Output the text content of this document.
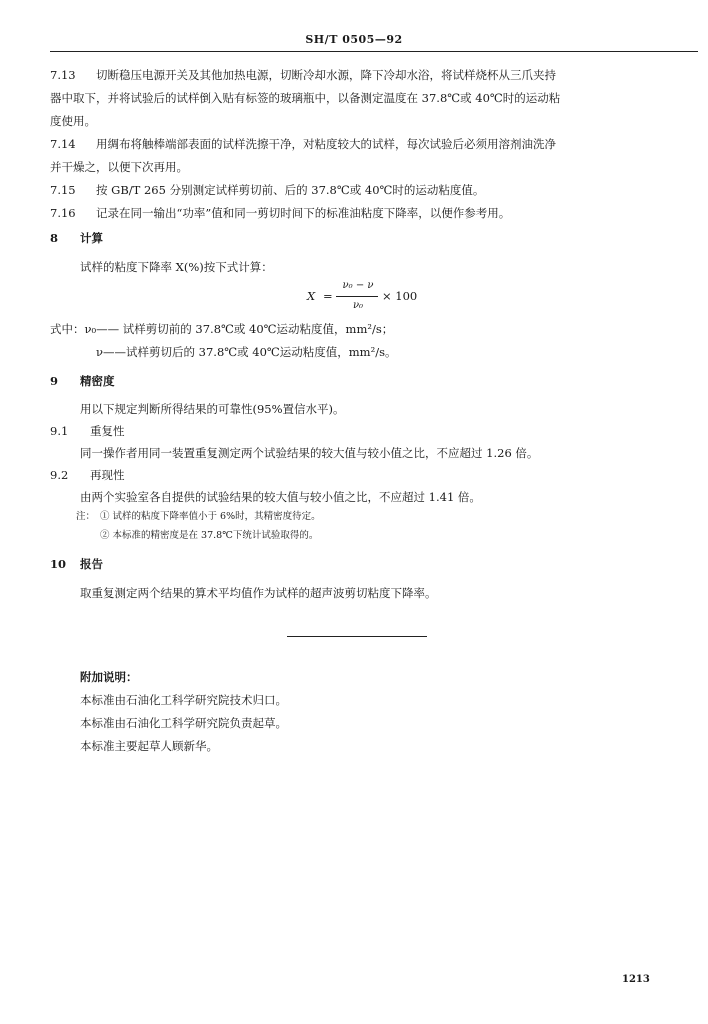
SH/T 0505—92
7.13 切断稳压电源开关及其他加热电源，切断冷却水源，降下冷却水浴，将试样烧杯从三爪夹持
器中取下，并将试验后的试样倒入贴有标签的玻璃瓶中，以备测定温度在 37.8℃或 40℃时的运动粘
度使用。
7.14 用绸布将触棒端部表面的试样洗擦干净，对粘度较大的试样，每次试验后必须用溶剂油洗净
并干燥之，以便下次再用。
7.15 按 GB/T 265 分别测定试样剪切前、后的 37.8℃或 40℃时的运动粘度值。
7.16 记录在同一输出“功率”值和同一剪切时间下的标准油粘度下降率，以便作参考用。
8 计算
试样的粘度下降率 X(%)按下式计算：
X =
ν₀ − ν
ν₀
× 100
式中：ν₀—— 试样剪切前的 37.8℃或 40℃运动粘度值，mm²/s；
ν——试样剪切后的 37.8℃或 40℃运动粘度值，mm²/s。
9 精密度
用以下规定判断所得结果的可靠性(95%置信水平)。
9.1 重复性
同一操作者用同一装置重复测定两个试验结果的较大值与较小值之比，不应超过 1.26 倍。
9.2 再现性
由两个实验室各自提供的试验结果的较大值与较小值之比，不应超过 1.41 倍。
注： ① 试样的粘度下降率值小于 6%时，其精密度待定。
② 本标准的精密度是在 37.8℃下统计试验取得的。
10 报告
取重复测定两个结果的算术平均值作为试样的超声波剪切粘度下降率。
附加说明：
本标准由石油化工科学研究院技术归口。
本标准由石油化工科学研究院负责起草。
本标准主要起草人顾新华。
1213
